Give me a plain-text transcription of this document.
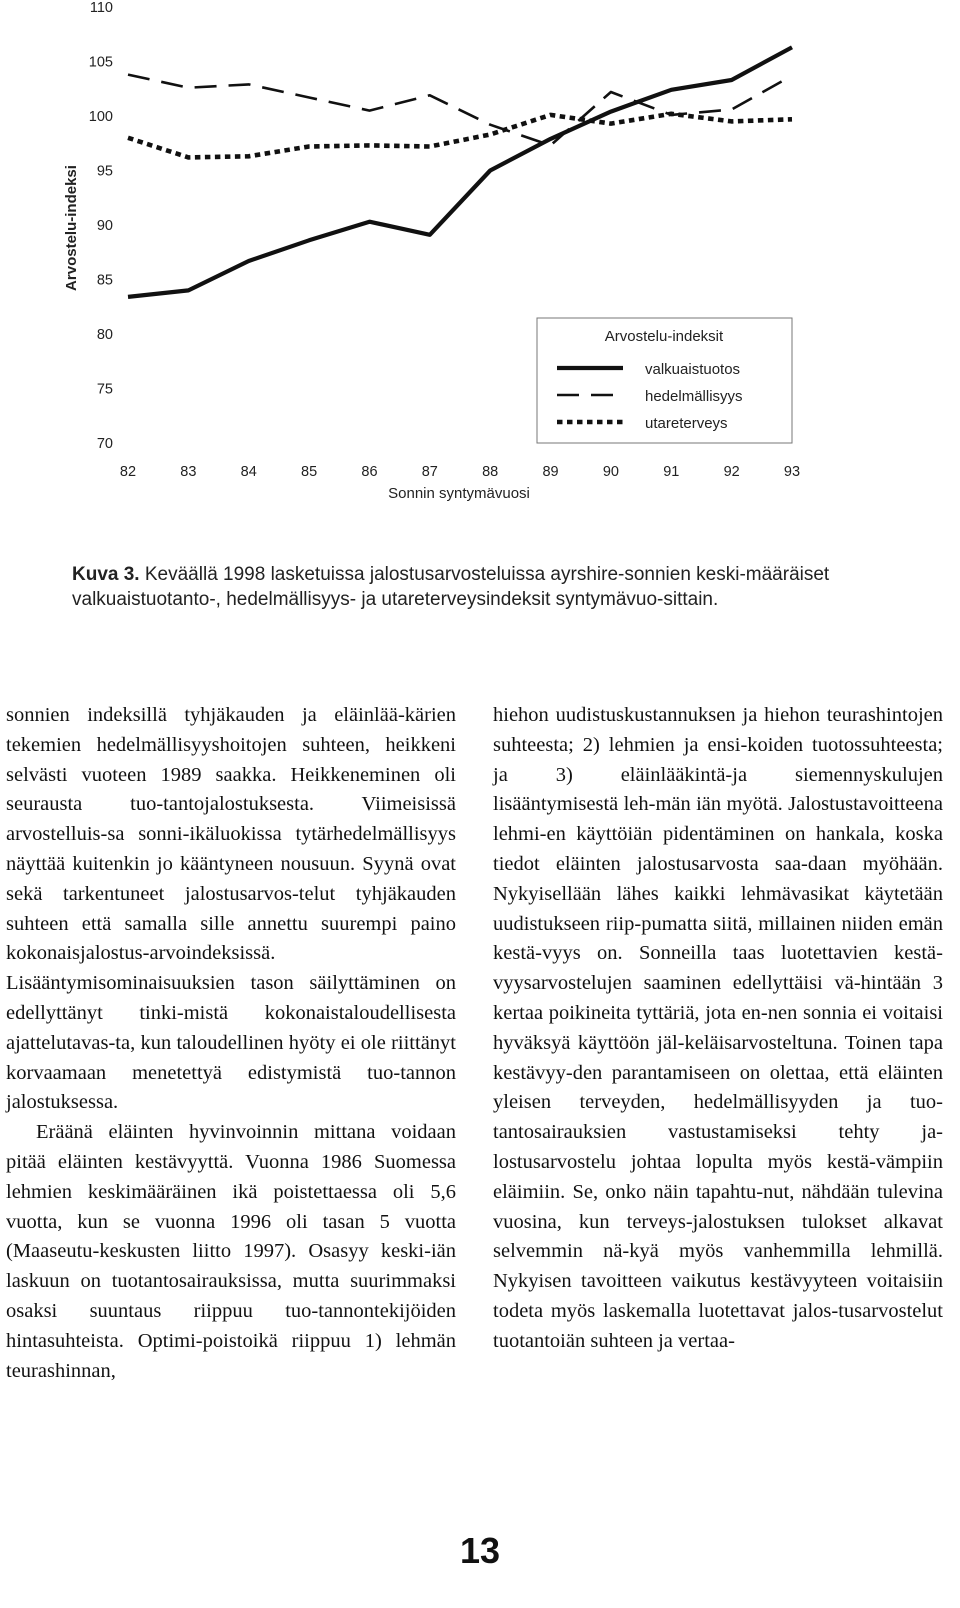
Arvostelu-indeksi
70
75
80
85
90
95
100
105
110
82	83	84	85	86	87	88	89	90	91	92	93
Sonnin syntymävuosi
Arvostelu-indeksit
valkuaistuotos
hedelmällisyys
utareterveys
Kuva 3. Keväällä 1998 lasketuissa jalostusarvosteluissa ayrshire-sonnien keski-määräiset valkuaistuotanto-, hedelmällisyys- ja utareterveysindeksit syntymävuo-sittain.

sonnien indeksillä tyhjäkauden ja eläinlää-kärien tekemien hedelmällisyyshoitojen suhteen, heikkeni selvästi vuoteen 1989 saakka. Heikkeneminen oli seurausta tuo-tantojalostuksesta. Viimeisissä arvostelluis-sa sonni-ikäluokissa tytärhedelmällisyys näyttää kuitenkin jo kääntyneen nousuun. Syynä ovat sekä tarkentuneet jalostusarvos-telut tyhjäkauden suhteen että samalla sille annettu suurempi paino kokonaisjalostus-arvoindeksissä. Lisääntymisominaisuuksien tason säilyttäminen on edellyttänyt tinki-mistä kokonaistaloudellisesta ajattelutavas-ta, kun taloudellinen hyöty ei ole riittänyt korvaamaan menetettyä edistymistä tuo-tannon jalostuksessa.

Eräänä eläinten hyvinvoinnin mittana voidaan pitää eläinten kestävyyttä. Vuonna 1986 Suomessa lehmien keskimääräinen ikä poistettaessa oli 5,6 vuotta, kun se vuonna 1996 oli tasan 5 vuotta (Maaseutu-keskusten liitto 1997). Osasyy keski-iän laskuun on tuotantosairauksissa, mutta suurimmaksi osaksi suuntaus riippuu tuo-tannontekijöiden hintasuhteista. Optimi-poistoikä riippuu 1) lehmän teurashinnan,

hiehon uudistuskustannuksen ja hiehon teurashintojen suhteesta; 2) lehmien ja ensi-koiden tuotossuhteesta; ja 3) eläinlääkintä-ja siemennyskulujen lisääntymisestä leh-män iän myötä. Jalostustavoitteena lehmi-en käyttöiän pidentäminen on hankala, koska tiedot eläinten jalostusarvosta saa-daan myöhään. Nykyisellään lähes kaikki lehmävasikat käytetään uudistukseen riip-pumatta siitä, millainen niiden emän kestä-vyys on. Sonneilla taas luotettavien kestä-vyysarvostelujen saaminen edellyttäisi vä-hintään 3 kertaa poikineita tyttäriä, jota en-nen sonnia ei voitaisi hyväksyä käyttöön jäl-keläisarvosteltuna. Toinen tapa kestävyy-den parantamiseen on olettaa, että eläinten yleisen terveyden, hedelmällisyyden ja tuo-tantosairauksien vastustamiseksi tehty ja-lostusarvostelu johtaa lopulta myös kestä-vämpiin eläimiin. Se, onko näin tapahtu-nut, nähdään tulevina vuosina, kun terveys-jalostuksen tulokset alkavat selvemmin nä-kyä myös vanhemmilla lehmillä. Nykyisen tavoitteen vaikutus kestävyyteen voitaisiin todeta myös laskemalla luotettavat jalos-tusarvostelut tuotantoiän suhteen ja vertaa-

13
